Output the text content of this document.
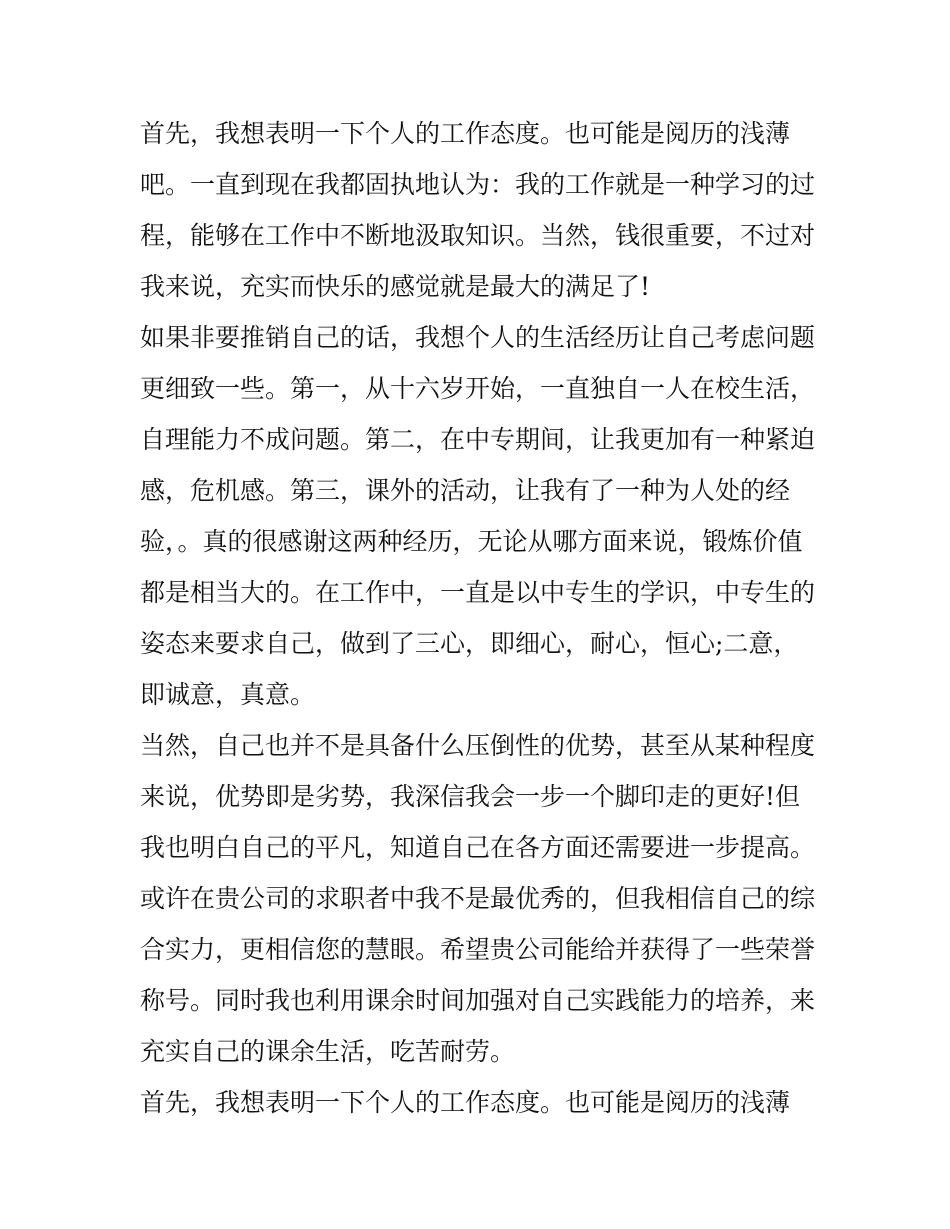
首先，我想表明一下个人的工作态度。也可能是阅历的浅薄
吧。一直到现在我都固执地认为：我的工作就是一种学习的过
程，能够在工作中不断地汲取知识。当然，钱很重要，不过对
我来说，充实而快乐的感觉就是最大的满足了!
如果非要推销自己的话，我想个人的生活经历让自己考虑问题
更细致一些。第一，从十六岁开始，一直独自一人在校生活，
自理能力不成问题。第二，在中专期间，让我更加有一种紧迫
感，危机感。第三，课外的活动，让我有了一种为人处的经
验，。真的很感谢这两种经历，无论从哪方面来说，锻炼价值
都是相当大的。在工作中，一直是以中专生的学识，中专生的
姿态来要求自己，做到了三心，即细心，耐心，恒心;二意，
即诚意，真意。
当然，自己也并不是具备什么压倒性的优势，甚至从某种程度
来说，优势即是劣势，我深信我会一步一个脚印走的更好!但
我也明白自己的平凡，知道自己在各方面还需要进一步提高。
或许在贵公司的求职者中我不是最优秀的，但我相信自己的综
合实力，更相信您的慧眼。希望贵公司能给并获得了一些荣誉
称号。同时我也利用课余时间加强对自己实践能力的培养，来
充实自己的课余生活，吃苦耐劳。
首先，我想表明一下个人的工作态度。也可能是阅历的浅薄
